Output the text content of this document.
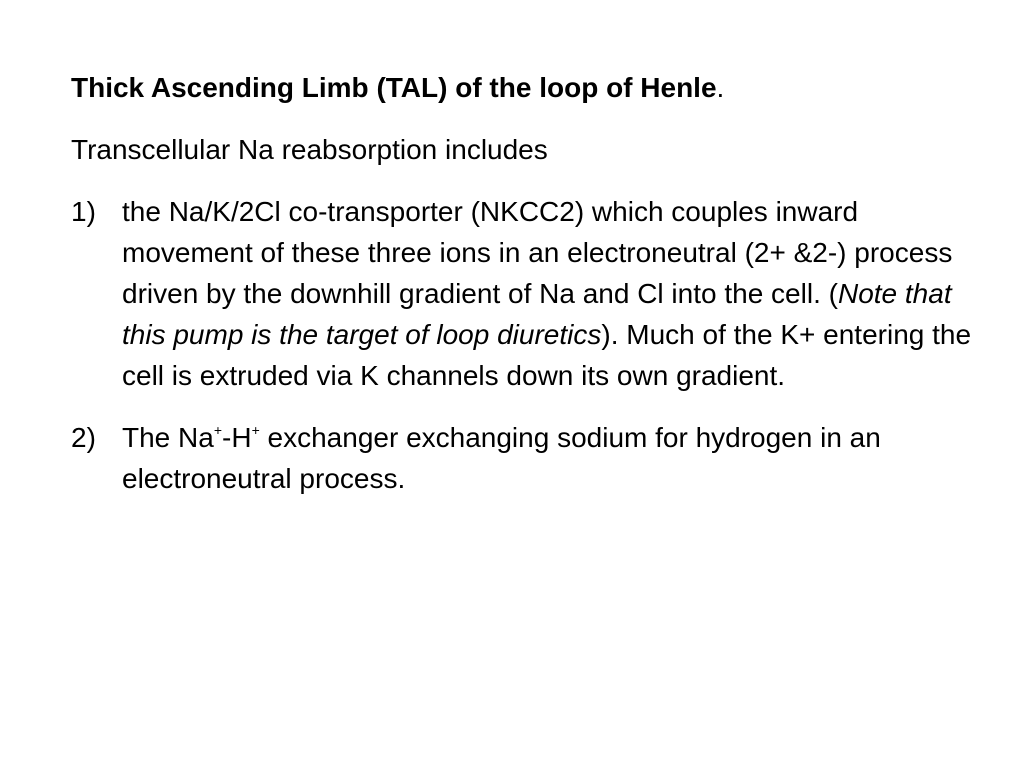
Thick Ascending Limb (TAL) of the loop of Henle.

Transcellular Na reabsorption includes

1) the Na/K/2Cl co-transporter (NKCC2) which couples inward movement of these three ions in an electroneutral (2+ &2-) process driven by the downhill gradient of Na and Cl into the cell. (Note that this pump is the target of loop diuretics). Much of the K+ entering the cell is extruded via K channels down its own gradient.
2) The Na+-H+ exchanger exchanging sodium for hydrogen in an electroneutral process.
